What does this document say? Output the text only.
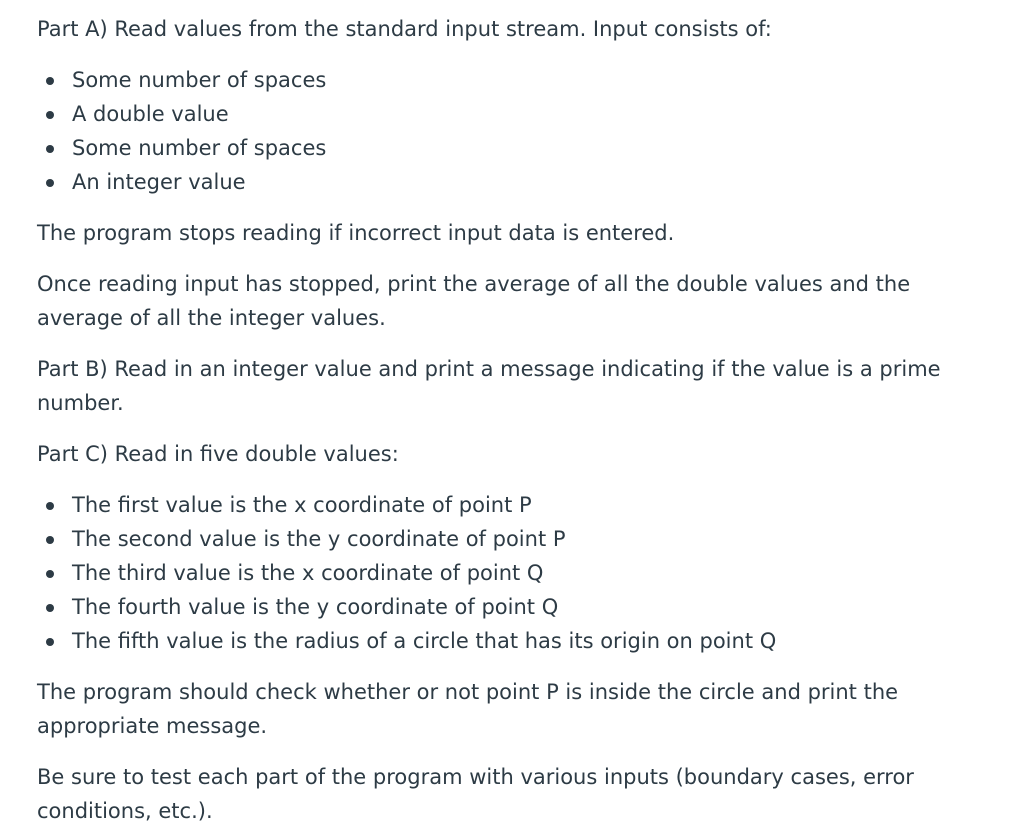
Part A) Read values from the standard input stream. Input consists of:

Some number of spaces
A double value
Some number of spaces
An integer value

The program stops reading if incorrect input data is entered.

Once reading input has stopped, print the average of all the double values and the average of all the integer values.

Part B) Read in an integer value and print a message indicating if the value is a prime number.

Part C) Read in five double values:

The first value is the x coordinate of point P
The second value is the y coordinate of point P
The third value is the x coordinate of point Q
The fourth value is the y coordinate of point Q
The fifth value is the radius of a circle that has its origin on point Q

The program should check whether or not point P is inside the circle and print the appropriate message.

Be sure to test each part of the program with various inputs (boundary cases, error conditions, etc.).
